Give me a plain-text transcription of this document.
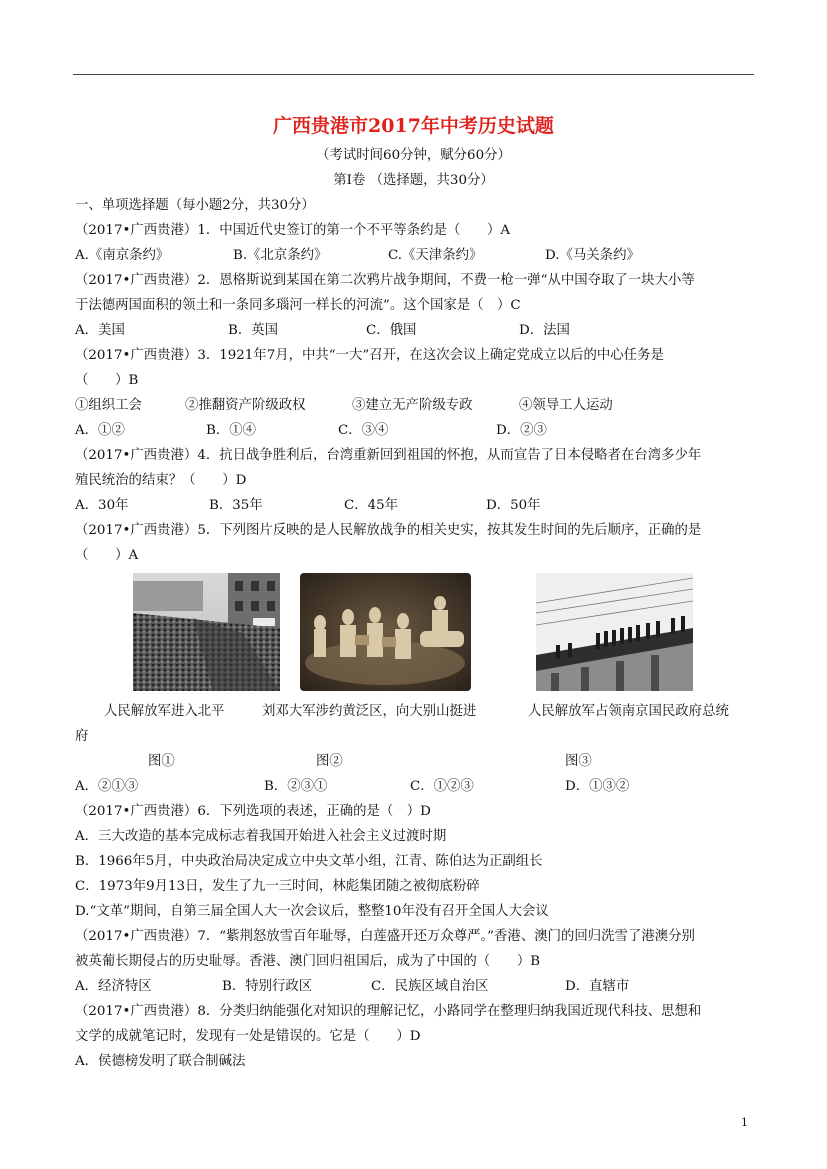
广西贵港市2017年中考历史试题
（考试时间60分钟，赋分60分）
第Ⅰ卷 （选择题，共30分）
一、单项选择题（每小题2分，共30分）
（2017•广西贵港）1．中国近代史签订的第一个不平等条约是（　　）A
A.《南京条约》	B.《北京条约》	C.《天津条约》	D.《马关条约》
（2017•广西贵港）2．恩格斯说到某国在第二次鸦片战争期间，不费一枪一弹“从中国夺取了一块大小等
于法德两国面积的领土和一条同多瑙河一样长的河流”。这个国家是（　）C
A．美国	B．英国	C．俄国	D．法国
（2017•广西贵港）3．1921年7月，中共“一大”召开，在这次会议上确定党成立以后的中心任务是
（　　）B
①组织工会	②推翻资产阶级政权	③建立无产阶级专政	④领导工人运动
A．①②	B．①④	C．③④	D．②③
（2017•广西贵港）4．抗日战争胜利后，台湾重新回到祖国的怀抱，从而宣告了日本侵略者在台湾多少年
殖民统治的结束？（　　）D
A．30年	B．35年	C．45年	D．50年
（2017•广西贵港）5．下列图片反映的是人民解放战争的相关史实，按其发生时间的先后顺序，正确的是
（　　）A
人民解放军进入北平	刘邓大军涉约黄泛区，向大别山挺进	人民解放军占领南京国民政府总统
府
图①	图②	图③
A．②①③	B．②③①	C．①②③	D．①③②
（2017•广西贵港）6．下列选项的表述，正确的是（　）D
A．三大改造的基本完成标志着我国开始进入社会主义过渡时期
B．1966年5月，中央政治局决定成立中央文革小组，江青、陈伯达为正副组长
C．1973年9月13日，发生了九一三时间，林彪集团随之被彻底粉碎
D.“文革”期间，自第三届全国人大一次会议后，整整10年没有召开全国人大会议
（2017•广西贵港）7．“紫荆怒放雪百年耻辱，白莲盛开还万众尊严。”香港、澳门的回归洗雪了港澳分别
被英葡长期侵占的历史耻辱。香港、澳门回归祖国后，成为了中国的（　　）B
A．经济特区	B．特别行政区	C．民族区域自治区	D．直辖市
（2017•广西贵港）8．分类归纳能强化对知识的理解记忆，小路同学在整理归纳我国近现代科技、思想和
文学的成就笔记时，发现有一处是错误的。它是（　　）D
A．侯德榜发明了联合制碱法
1
